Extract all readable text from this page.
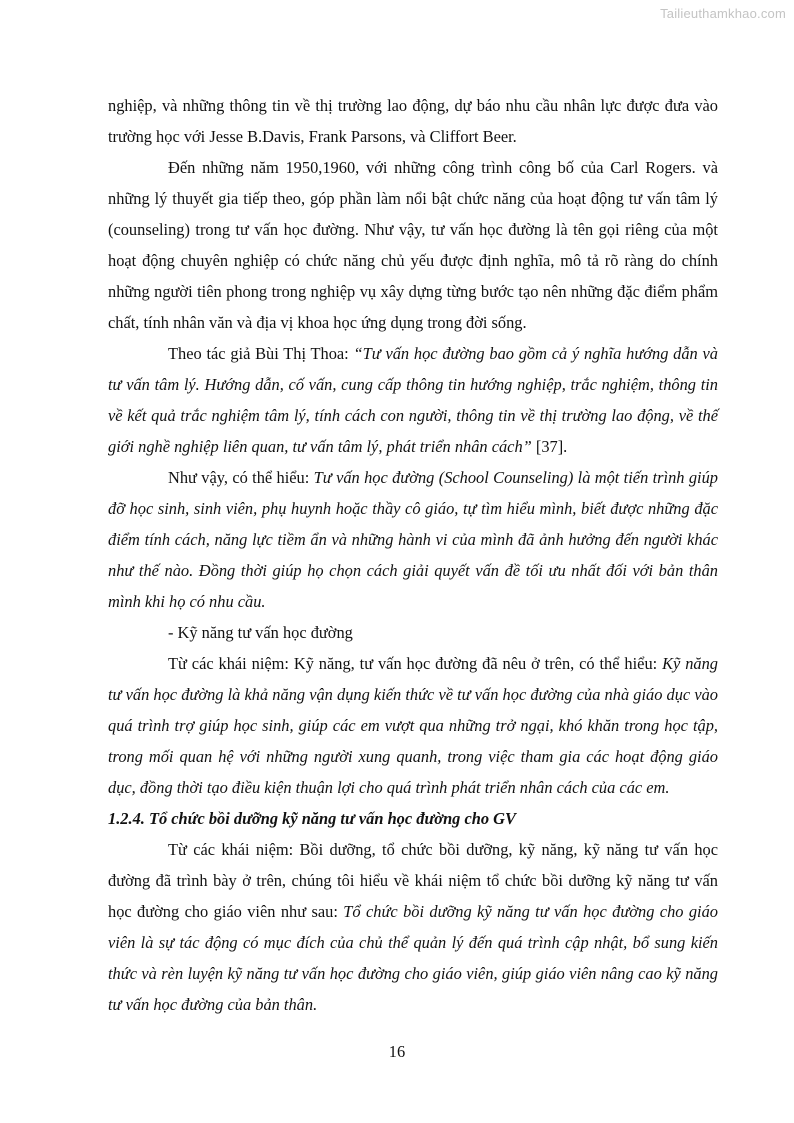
Tailieuthamkhao.com

nghiệp, và những thông tin về thị trường lao động, dự báo nhu cầu nhân lực được đưa vào trường học với Jesse B.Davis, Frank Parsons, và Cliffort Beer.

Đến những năm 1950,1960, với những công trình công bố của Carl Rogers. và những lý thuyết gia tiếp theo, góp phần làm nổi bật chức năng của hoạt động tư vấn tâm lý (counseling) trong tư vấn học đường. Như vậy, tư vấn học đường là tên gọi riêng của một hoạt động chuyên nghiệp có chức năng chủ yếu được định nghĩa, mô tả rõ ràng do chính những người tiên phong trong nghiệp vụ xây dựng từng bước tạo nên những đặc điểm phẩm chất, tính nhân văn và địa vị khoa học ứng dụng trong đời sống.

Theo tác giả Bùi Thị Thoa: “Tư vấn học đường bao gồm cả ý nghĩa hướng dẫn và tư vấn tâm lý. Hướng dẫn, cố vấn, cung cấp thông tin hướng nghiệp, trắc nghiệm, thông tin về kết quả trắc nghiệm tâm lý, tính cách con người, thông tin về thị trường lao động, về thế giới nghề nghiệp liên quan, tư vấn tâm lý, phát triển nhân cách” [37].

Như vậy, có thể hiểu: Tư vấn học đường (School Counseling) là một tiến trình giúp đỡ học sinh, sinh viên, phụ huynh hoặc thầy cô giáo, tự tìm hiểu mình, biết được những đặc điểm tính cách, năng lực tiềm ẩn và những hành vi của mình đã ảnh hưởng đến người khác như thế nào. Đồng thời giúp họ chọn cách giải quyết vấn đề tối ưu nhất đối với bản thân mình khi họ có nhu cầu.

- Kỹ năng tư vấn học đường

Từ các khái niệm: Kỹ năng, tư vấn học đường đã nêu ở trên, có thể hiểu: Kỹ năng tư vấn học đường là khả năng vận dụng kiến thức về tư vấn học đường của nhà giáo dục vào quá trình trợ giúp học sinh, giúp các em vượt qua những trở ngại, khó khăn trong học tập, trong mối quan hệ với những người xung quanh, trong việc tham gia các hoạt động giáo dục, đồng thời tạo điều kiện thuận lợi cho quá trình phát triển nhân cách của các em.

1.2.4. Tổ chức bồi dưỡng kỹ năng tư vấn học đường cho GV

Từ các khái niệm: Bồi dưỡng, tổ chức bồi dưỡng, kỹ năng, kỹ năng tư vấn học đường đã trình bày ở trên, chúng tôi hiểu về khái niệm tổ chức bồi dưỡng kỹ năng tư vấn học đường cho giáo viên như sau: Tổ chức bồi dưỡng kỹ năng tư vấn học đường cho giáo viên là sự tác động có mục đích của chủ thể quản lý đến quá trình cập nhật, bổ sung kiến thức và rèn luyện kỹ năng tư vấn học đường cho giáo viên, giúp giáo viên nâng cao kỹ năng tư vấn học đường của bản thân.

16
